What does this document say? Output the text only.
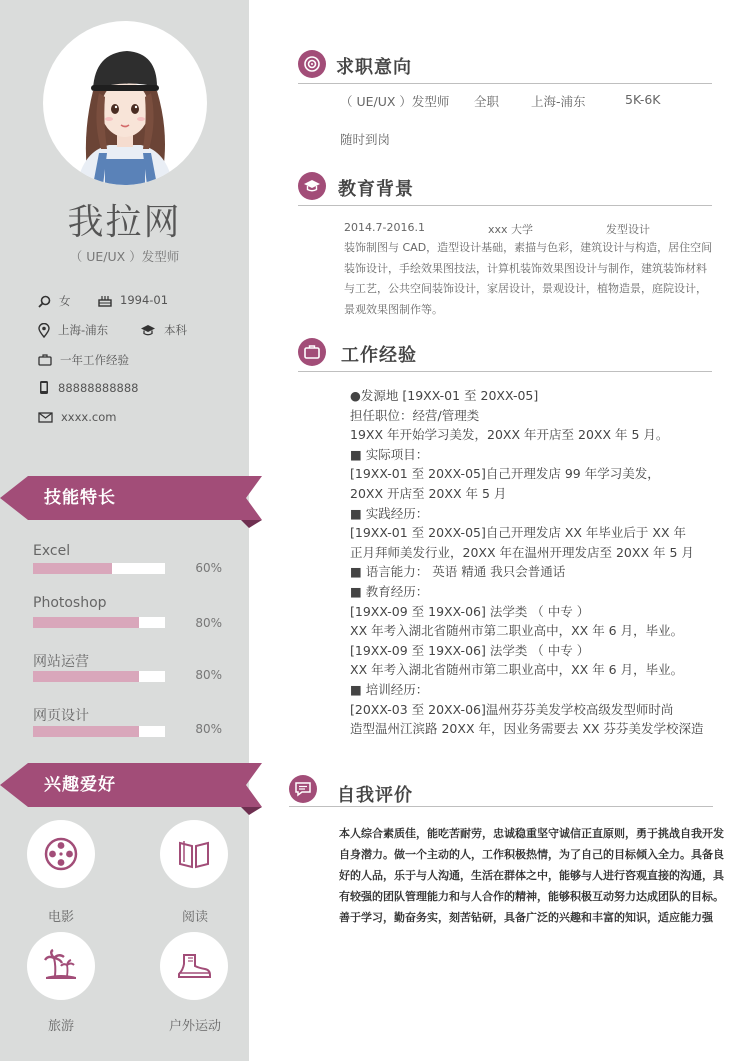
我拉网
（ UE/UX ）发型师
女	1994-01
上海-浦东	本科
一年工作经验
88888888888
xxxx.com
技能特长
Excel
60%
Photoshop
80%
网站运营
80%
网页设计
80%
兴趣爱好
电影	阅读
旅游	户外运动
求职意向
（ UE/UX ）发型师 全职	上海-浦东	5K-6K
随时到岗
教育背景
2014.7-2016.1	xxx 大学	发型设计
装饰制图与 CAD，造型设计基础，素描与色彩，建筑设计与构造，居住空间装饰设计，手绘效果图技法，计算机装饰效果图设计与制作，建筑装饰材料与工艺，公共空间装饰设计，家居设计，景观设计，植物造景，庭院设计，景观效果图制作等。
工作经验
●发源地 [19XX-01 至 20XX-05]
担任职位：经营/管理类
19XX 年开始学习美发，20XX 年开店至 20XX 年 5 月。
■ 实际项目：
[19XX-01 至 20XX-05]自己开理发店 99 年学习美发，
20XX 开店至 20XX 年 5 月
■ 实践经历：
[19XX-01 至 20XX-05]自己开理发店 XX 年毕业后于 XX 年
正月拜师美发行业，20XX 年在温州开理发店至 20XX 年 5 月
■ 语言能力： 英语 精通 我只会普通话
■ 教育经历：
[19XX-09 至 19XX-06] 法学类 （ 中专 ）
XX 年考入湖北省随州市第二职业高中，XX 年 6 月，毕业。
[19XX-09 至 19XX-06] 法学类 （ 中专 ）
XX 年考入湖北省随州市第二职业高中，XX 年 6 月，毕业。
■ 培训经历：
[20XX-03 至 20XX-06]温州芬芬美发学校高级发型师时尚
造型温州江滨路 20XX 年，因业务需要去 XX 芬芬美发学校深造
自我评价
本人综合素质佳，能吃苦耐劳，忠诚稳重坚守诚信正直原则，勇于挑战自我开发自身潜力。做一个主动的人，工作积极热情，为了自己的目标倾入全力。具备良好的人品，乐于与人沟通，生活在群体之中，能够与人进行咨观直接的沟通，具有较强的团队管理能力和与人合作的精神，能够积极互动努力达成团队的目标。善于学习，勤奋务实，刻苦钻研，具备广泛的兴趣和丰富的知识，适应能力强
